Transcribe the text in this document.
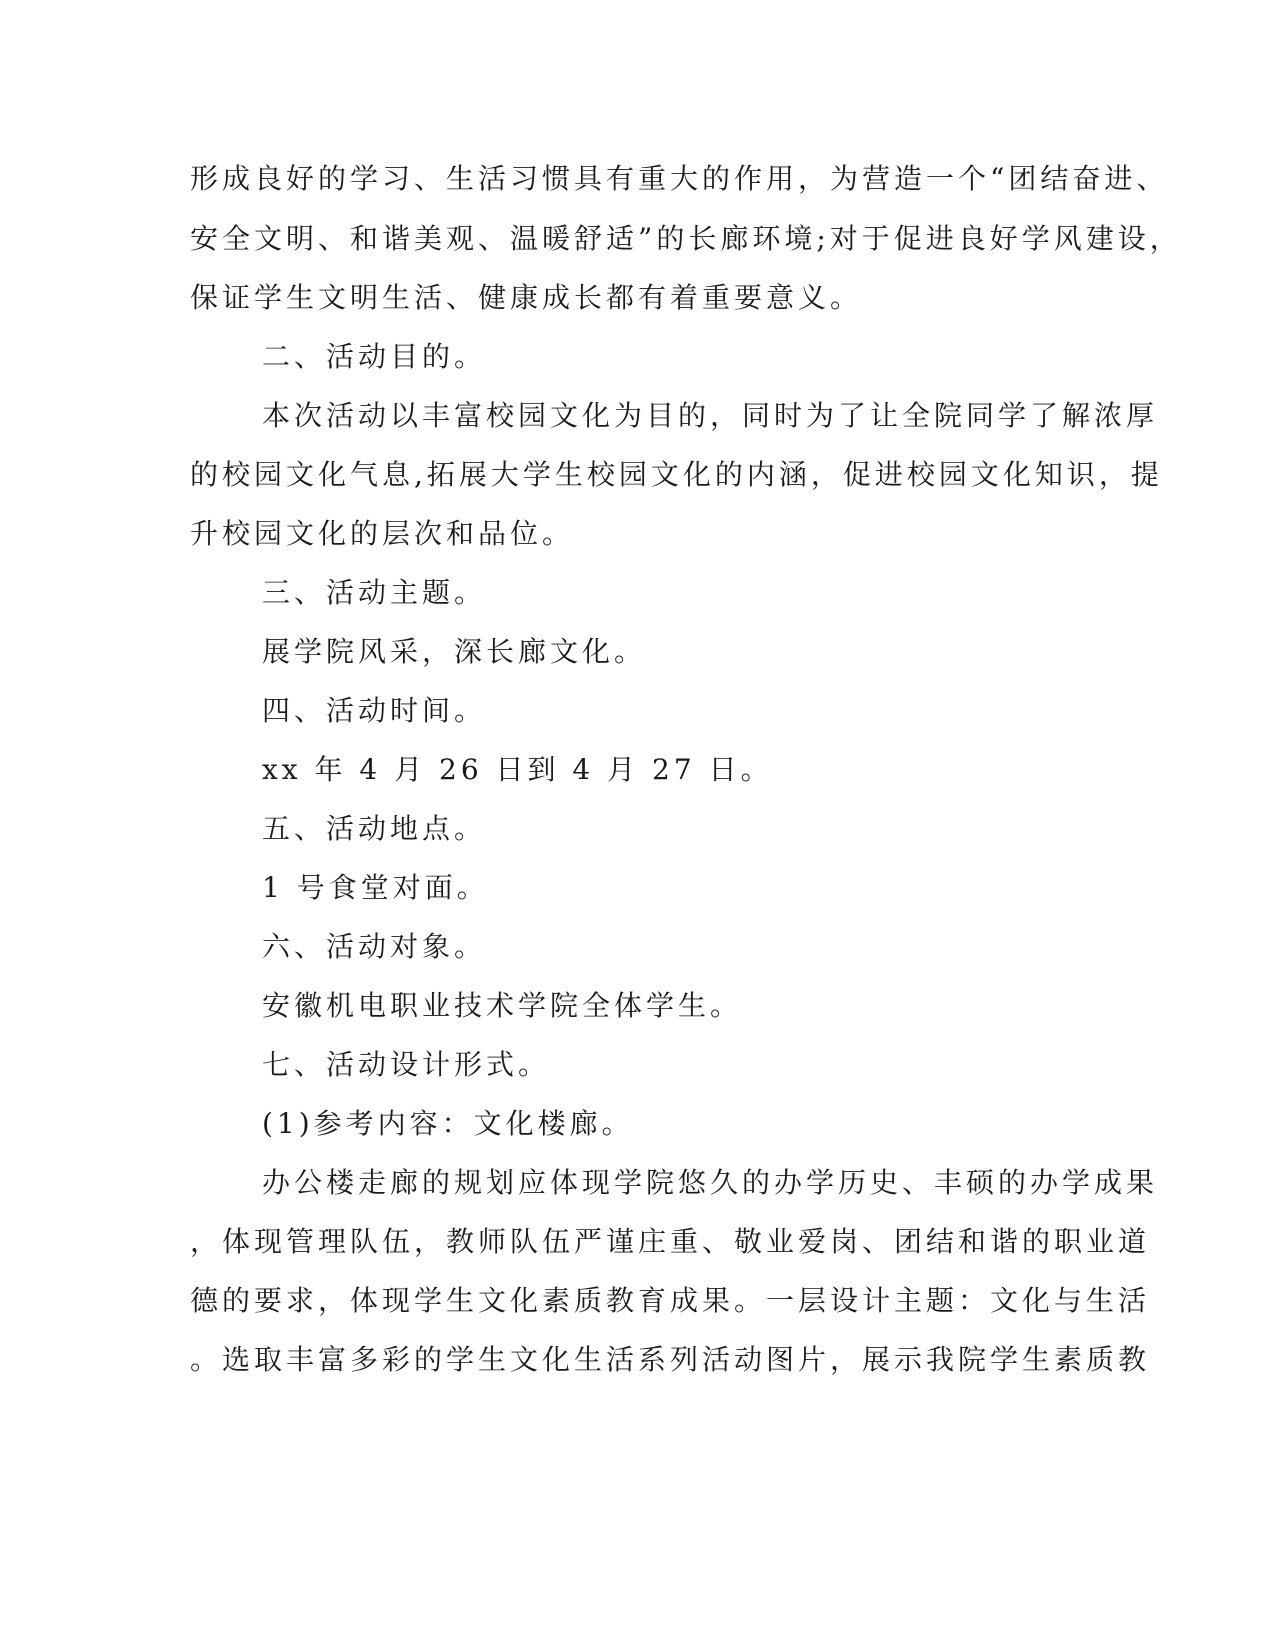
形成良好的学习、生活习惯具有重大的作用，为营造一个“团结奋进、
安全文明、和谐美观、温暖舒适”的长廊环境;对于促进良好学风建设，
保证学生文明生活、健康成长都有着重要意义。
二、活动目的。
本次活动以丰富校园文化为目的，同时为了让全院同学了解浓厚
的校园文化气息,拓展大学生校园文化的内涵，促进校园文化知识，提
升校园文化的层次和品位。
三、活动主题。
展学院风采，深长廊文化。
四、活动时间。
xx 年 4 月 26 日到 4 月 27 日。
五、活动地点。
1 号食堂对面。
六、活动对象。
安徽机电职业技术学院全体学生。
七、活动设计形式。
(1)参考内容：文化楼廊。
办公楼走廊的规划应体现学院悠久的办学历史、丰硕的办学成果
，体现管理队伍，教师队伍严谨庄重、敬业爱岗、团结和谐的职业道
德的要求，体现学生文化素质教育成果。一层设计主题：文化与生活
。选取丰富多彩的学生文化生活系列活动图片，展示我院学生素质教
